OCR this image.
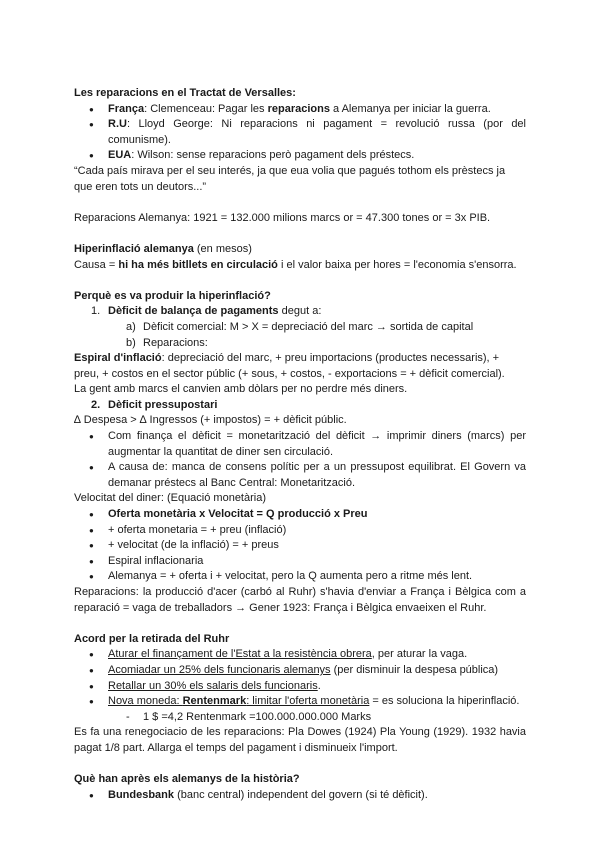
Les reparacions en el Tractat de Versalles:

● França: Clemenceau: Pagar les reparacions a Alemanya per iniciar la guerra.
● R.U: Lloyd George: Ni reparacions ni pagament = revolució russa (por del comunisme).
● EUA: Wilson: sense reparacions però pagament dels préstecs.

“Cada país mirava per el seu interés, ja que eua volia que pagués tothom els prèstecs ja que eren tots un deutors...”

Reparacions Alemanya: 1921 = 132.000 milions marcs or = 47.300 tones or = 3x PIB.

Hiperinflació alemanya (en mesos)

Causa = hi ha més bitllets en circulació i el valor baixa per hores = l'economia s'ensorra.

Perquè es va produir la hiperinflació?

1. Dèficit de balança de pagaments degut a:
a) Dèficit comercial: M > X = depreciació del marc → sortida de capital
b) Reparacions:

Espiral d'inflació: depreciació del marc, + preu importacions (productes necessaris), + preu, + costos en el sector públic (+ sous, + costos, - exportacions = + dèficit comercial).

La gent amb marcs el canvien amb dòlars per no perdre més diners.

2. Dèficit pressupostari

∆ Despesa > ∆ Ingressos (+ impostos) = + dèficit públic.

● Com finança el dèficit = monetarització del dèficit → imprimir diners (marcs) per augmentar la quantitat de diner sen circulació.
● A causa de: manca de consens polític per a un pressupost equilibrat. El Govern va demanar préstecs al Banc Central: Monetarització.

Velocitat del diner: (Equació monetària)

● Oferta monetària x Velocitat = Q producció x Preu
● + oferta monetaria = + preu (inflació)
● + velocitat (de la inflació) = + preus
● Espiral inflacionaria
● Alemanya = + oferta i + velocitat, pero la Q aumenta pero a ritme més lent.

Reparacions: la producció d'acer (carbó al Ruhr) s'havia d'enviar a França i Bèlgica com a reparació = vaga de treballadors → Gener 1923: França i Bèlgica envaeixen el Ruhr.

Acord per la retirada del Ruhr

● Aturar el finançament de l'Estat a la resistència obrera, per aturar la vaga.
● Acomiadar un 25% dels funcionaris alemanys (per disminuir la despesa pública)
● Retallar un 30% els salaris dels funcionaris.
● Nova moneda: Rentenmark: limitar l'oferta monetària = es soluciona la hiperinflació.
- 1 $ =4,2 Rentenmark =100.000.000.000 Marks

Es fa una renegociacio de les reparacions: Pla Dowes (1924) Pla Young (1929). 1932 havia pagat 1/8 part. Allarga el temps del pagament i disminueix l'import.

Què han après els alemanys de la història?

● Bundesbank (banc central) independent del govern (si té dèficit).
